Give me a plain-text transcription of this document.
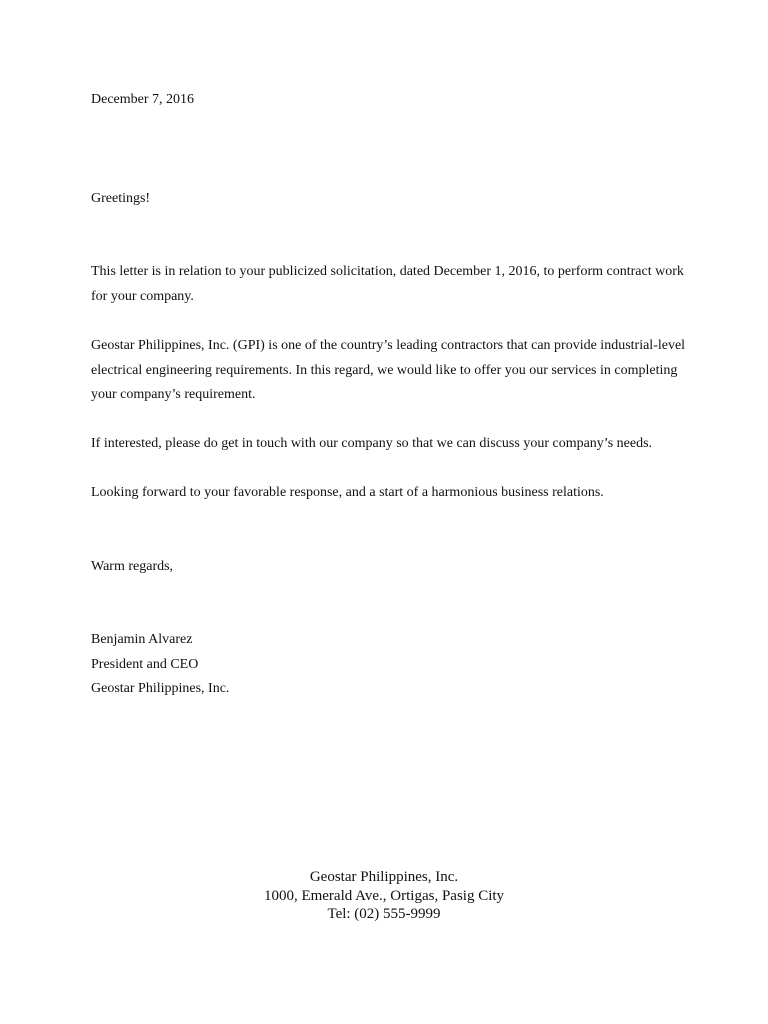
December 7, 2016

Greetings!

This letter is in relation to your publicized solicitation, dated December 1, 2016, to perform contract work
for your company.
Geostar Philippines, Inc. (GPI) is one of the country’s leading contractors that can provide industrial-level
electrical engineering requirements. In this regard, we would like to offer you our services in completing
your company’s requirement.
If interested, please do get in touch with our company so that we can discuss your company’s needs.
Looking forward to your favorable response, and a start of a harmonious business relations.

Warm regards,

Benjamin Alvarez
President and CEO
Geostar Philippines, Inc.
Geostar Philippines, Inc.
1000, Emerald Ave., Ortigas, Pasig City
Tel: (02) 555-9999
